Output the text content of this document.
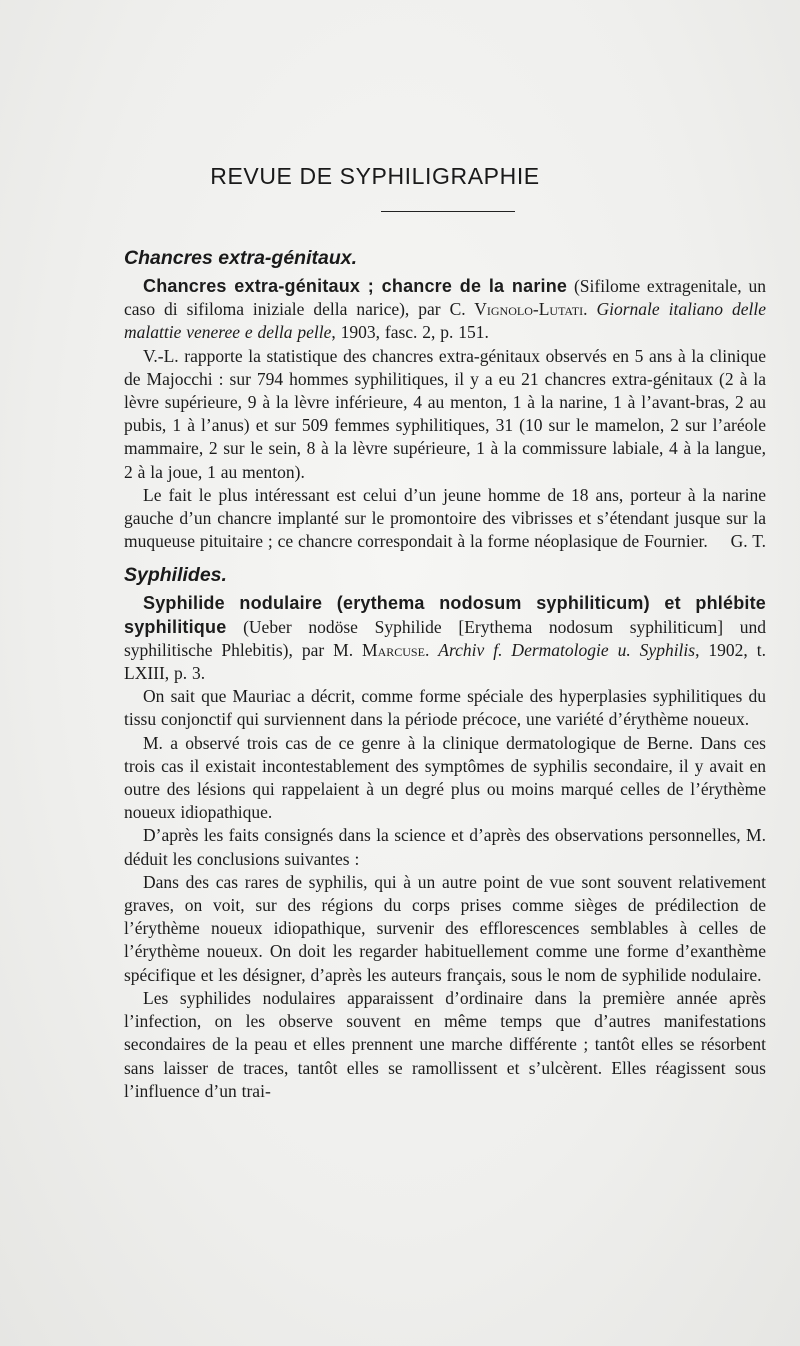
REVUE DE SYPHILIGRAPHIE
Chancres extra-génitaux.

Chancres extra-génitaux ; chancre de la narine (Sifilome extragenitale, un caso di sifiloma iniziale della narice), par C. Vignolo-Lutati. Giornale italiano delle malattie veneree e della pelle, 1903, fasc. 2, p. 151.

V.-L. rapporte la statistique des chancres extra-génitaux observés en 5 ans à la clinique de Majocchi : sur 794 hommes syphilitiques, il y a eu 21 chancres extra-génitaux (2 à la lèvre supérieure, 9 à la lèvre inférieure, 4 au menton, 1 à la narine, 1 à l’avant-bras, 2 au pubis, 1 à l’anus) et sur 509 femmes syphilitiques, 31 (10 sur le mamelon, 2 sur l’aréole mammaire, 2 sur le sein, 8 à la lèvre supérieure, 1 à la commissure labiale, 4 à la langue, 2 à la joue, 1 au menton).

Le fait le plus intéressant est celui d’un jeune homme de 18 ans, porteur à la narine gauche d’un chancre implanté sur le promontoire des vibrisses et s’étendant jusque sur la muqueuse pituitaire ; ce chancre correspondait à la forme néoplasique de Fournier.	G. T.

Syphilides.

Syphilide nodulaire (erythema nodosum syphiliticum) et phlébite syphilitique (Ueber nodöse Syphilide [Erythema nodosum syphiliticum] und syphilitische Phlebitis), par M. Marcuse. Archiv f. Dermatologie u. Syphilis, 1902, t. LXIII, p. 3.

On sait que Mauriac a décrit, comme forme spéciale des hyperplasies syphilitiques du tissu conjonctif qui surviennent dans la période précoce, une variété d’érythème noueux.

M. a observé trois cas de ce genre à la clinique dermatologique de Berne. Dans ces trois cas il existait incontestablement des symptômes de syphilis secondaire, il y avait en outre des lésions qui rappelaient à un degré plus ou moins marqué celles de l’érythème noueux idiopathique.

D’après les faits consignés dans la science et d’après des observations personnelles, M. déduit les conclusions suivantes :

Dans des cas rares de syphilis, qui à un autre point de vue sont souvent relativement graves, on voit, sur des régions du corps prises comme sièges de prédilection de l’érythème noueux idiopathique, survenir des efflorescences semblables à celles de l’érythème noueux. On doit les regarder habituellement comme une forme d’exanthème spécifique et les désigner, d’après les auteurs français, sous le nom de syphilide nodulaire.

Les syphilides nodulaires apparaissent d’ordinaire dans la première année après l’infection, on les observe souvent en même temps que d’autres manifestations secondaires de la peau et elles prennent une marche différente ; tantôt elles se résorbent sans laisser de traces, tantôt elles se ramollissent et s’ulcèrent. Elles réagissent sous l’influence d’un trai-
